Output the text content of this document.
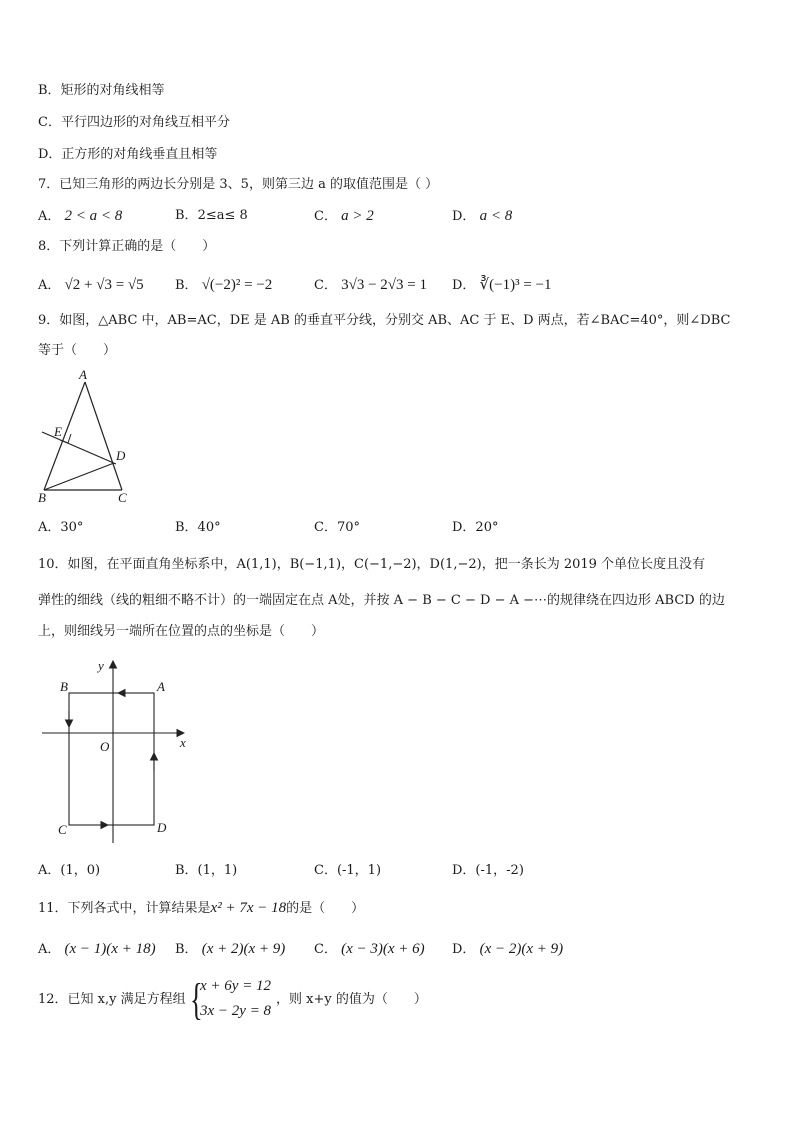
B．矩形的对角线相等
C．平行四边形的对角线互相平分
D．正方形的对角线垂直且相等
7．已知三角形的两边长分别是 3、5，则第三边 a 的取值范围是（ ）
A． 2 < a < 8	B．2≤a≤ 8	C． a > 2	D． a < 8
8．下列计算正确的是（　　）
A． √2 + √3 = √5 B． √(−2)² = −2	C． 3√3 − 2√3 = 1 D． ∛(−1)³ = −1
9．如图，△ABC 中，AB=AC，DE 是 AB 的垂直平分线，分别交 AB、AC 于 E、D 两点，若∠BAC=40°，则∠DBC
等于（　　）
A
E
D
B	C
A．30°	B．40°	C．70°	D．20°
10．如图，在平面直角坐标系中，A(1,1)，B(−1,1)，C(−1,−2)，D(1,−2)，把一条长为 2019 个单位长度且没有
弹性的细线（线的粗细不略不计）的一端固定在点 A处，并按 A − B − C − D − A −⋯的规律绕在四边形 ABCD 的边
上，则细线另一端所在位置的点的坐标是（　　）
y
x
O
B	A
C	D
A．(1，0)	B．(1，1)	C．(-1，1)	D．(-1，-2)
11．下列各式中，计算结果是x² + 7x − 18的是（　　）
A． (x − 1)(x + 18) B． (x + 2)(x + 9) C． (x − 3)(x + 6) D． (x − 2)(x + 9)
12．已知 x,y 满足方程组 {
x + 6y = 12
3x − 2y = 8
，则 x+y 的值为（　　）
